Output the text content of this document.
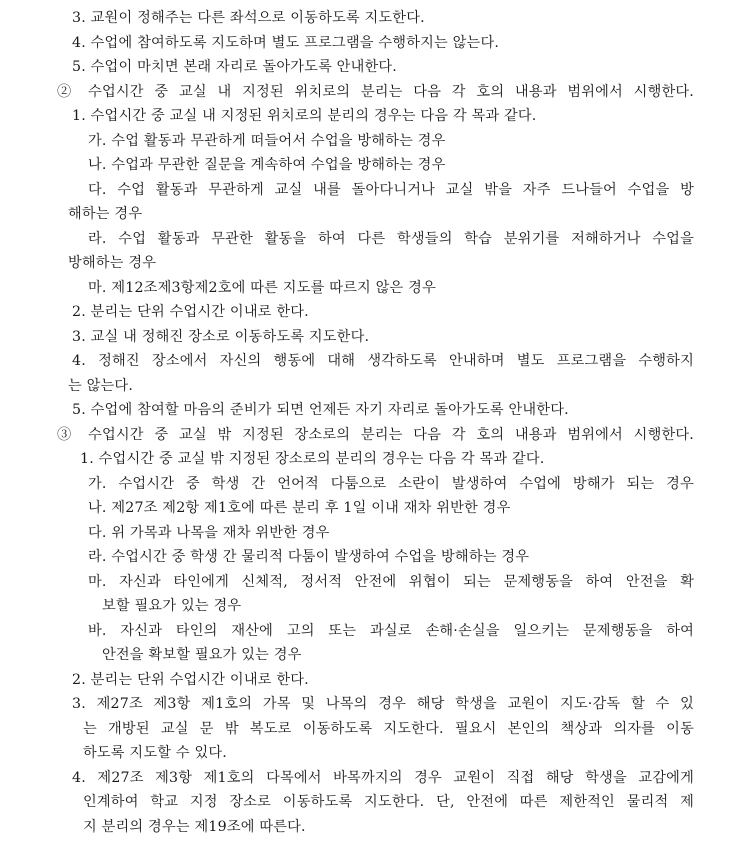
3. 교원이 정해주는 다른 좌석으로 이동하도록 지도한다.
4. 수업에 참여하도록 지도하며 별도 프로그램을 수행하지는 않는다.
5. 수업이 마치면 본래 자리로 돌아가도록 안내한다.
② 수업시간 중 교실 내 지정된 위치로의 분리는 다음 각 호의 내용과 범위에서 시행한다.
1. 수업시간 중 교실 내 지정된 위치로의 분리의 경우는 다음 각 목과 같다.
가. 수업 활동과 무관하게 떠들어서 수업을 방해하는 경우
나. 수업과 무관한 질문을 계속하여 수업을 방해하는 경우
다. 수업 활동과 무관하게 교실 내를 돌아다니거나 교실 밖을 자주 드나들어 수업을 방
해하는 경우
라. 수업 활동과 무관한 활동을 하여 다른 학생들의 학습 분위기를 저해하거나 수업을
방해하는 경우
마. 제12조제3항제2호에 따른 지도를 따르지 않은 경우
2. 분리는 단위 수업시간 이내로 한다.
3. 교실 내 정해진 장소로 이동하도록 지도한다.
4. 정해진 장소에서 자신의 행동에 대해 생각하도록 안내하며 별도 프로그램을 수행하지
는 않는다.
5. 수업에 참여할 마음의 준비가 되면 언제든 자기 자리로 돌아가도록 안내한다.
③ 수업시간 중 교실 밖 지정된 장소로의 분리는 다음 각 호의 내용과 범위에서 시행한다.
1. 수업시간 중 교실 밖 지정된 장소로의 분리의 경우는 다음 각 목과 같다.
가. 수업시간 중 학생 간 언어적 다툼으로 소란이 발생하여 수업에 방해가 되는 경우
나. 제27조 제2항 제1호에 따른 분리 후 1일 이내 재차 위반한 경우
다. 위 가목과 나목을 재차 위반한 경우
라. 수업시간 중 학생 간 물리적 다툼이 발생하여 수업을 방해하는 경우
마. 자신과 타인에게 신체적, 정서적 안전에 위협이 되는 문제행동을 하여 안전을 확
보할 필요가 있는 경우
바. 자신과 타인의 재산에 고의 또는 과실로 손해·손실을 일으키는 문제행동을 하여
안전을 확보할 필요가 있는 경우
2. 분리는 단위 수업시간 이내로 한다.
3. 제27조 제3항 제1호의 가목 및 나목의 경우 해당 학생을 교원이 지도·감독 할 수 있
는 개방된 교실 문 밖 복도로 이동하도록 지도한다. 필요시 본인의 책상과 의자를 이동
하도록 지도할 수 있다.
4. 제27조 제3항 제1호의 다목에서 바목까지의 경우 교원이 직접 해당 학생을 교감에게
인계하여 학교 지정 장소로 이동하도록 지도한다. 단, 안전에 따른 제한적인 물리적 제
지 분리의 경우는 제19조에 따른다.
